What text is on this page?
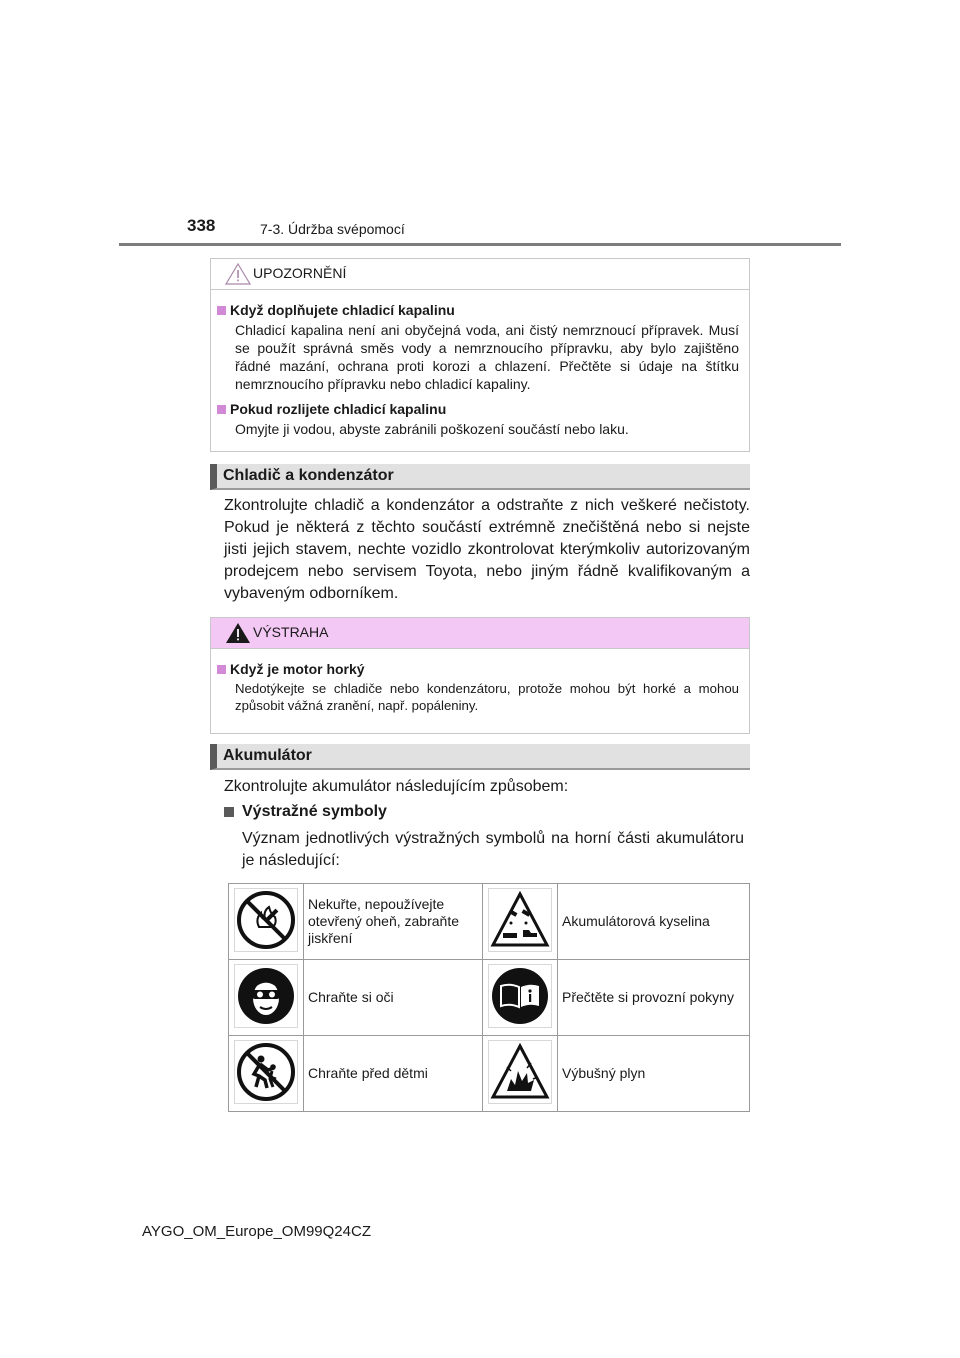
338	7-3. Údržba svépomocí
UPOZORNĚNÍ
Když doplňujete chladicí kapalinu
Chladicí kapalina není ani obyčejná voda, ani čistý nemrznoucí přípravek. Musí se použít správná směs vody a nemrznoucího přípravku, aby bylo zajištěno řádné mazání, ochrana proti korozi a chlazení. Přečtěte si údaje na štítku nemrznoucího přípravku nebo chladicí kapaliny.
Pokud rozlijete chladicí kapalinu
Omyjte ji vodou, abyste zabránili poškození součástí nebo laku.
Chladič a kondenzátor
Zkontrolujte chladič a kondenzátor a odstraňte z nich veškeré nečistoty. Pokud je některá z těchto součástí extrémně znečištěná nebo si nejste jisti jejich stavem, nechte vozidlo zkontrolovat kterýmkoliv autorizovaným prodejcem nebo servisem Toyota, nebo jiným řádně kvalifikovaným a vybaveným odborníkem.
VÝSTRAHA
Když je motor horký
Nedotýkejte se chladiče nebo kondenzátoru, protože mohou být horké a mohou způsobit vážná zranění, např. popáleniny.
Akumulátor
Zkontrolujte akumulátor následujícím způsobem:
Výstražné symboly
Význam jednotlivých výstražných symbolů na horní části akumulátoru je následující:
	Nekuřte, nepoužívejte otevřený oheň, zabraňte jiskření		Akumulátorová kyselina

	Chraňte si oči		Přečtěte si provozní pokyny

	Chraňte před dětmi		Výbušný plyn
AYGO_OM_Europe_OM99Q24CZ
